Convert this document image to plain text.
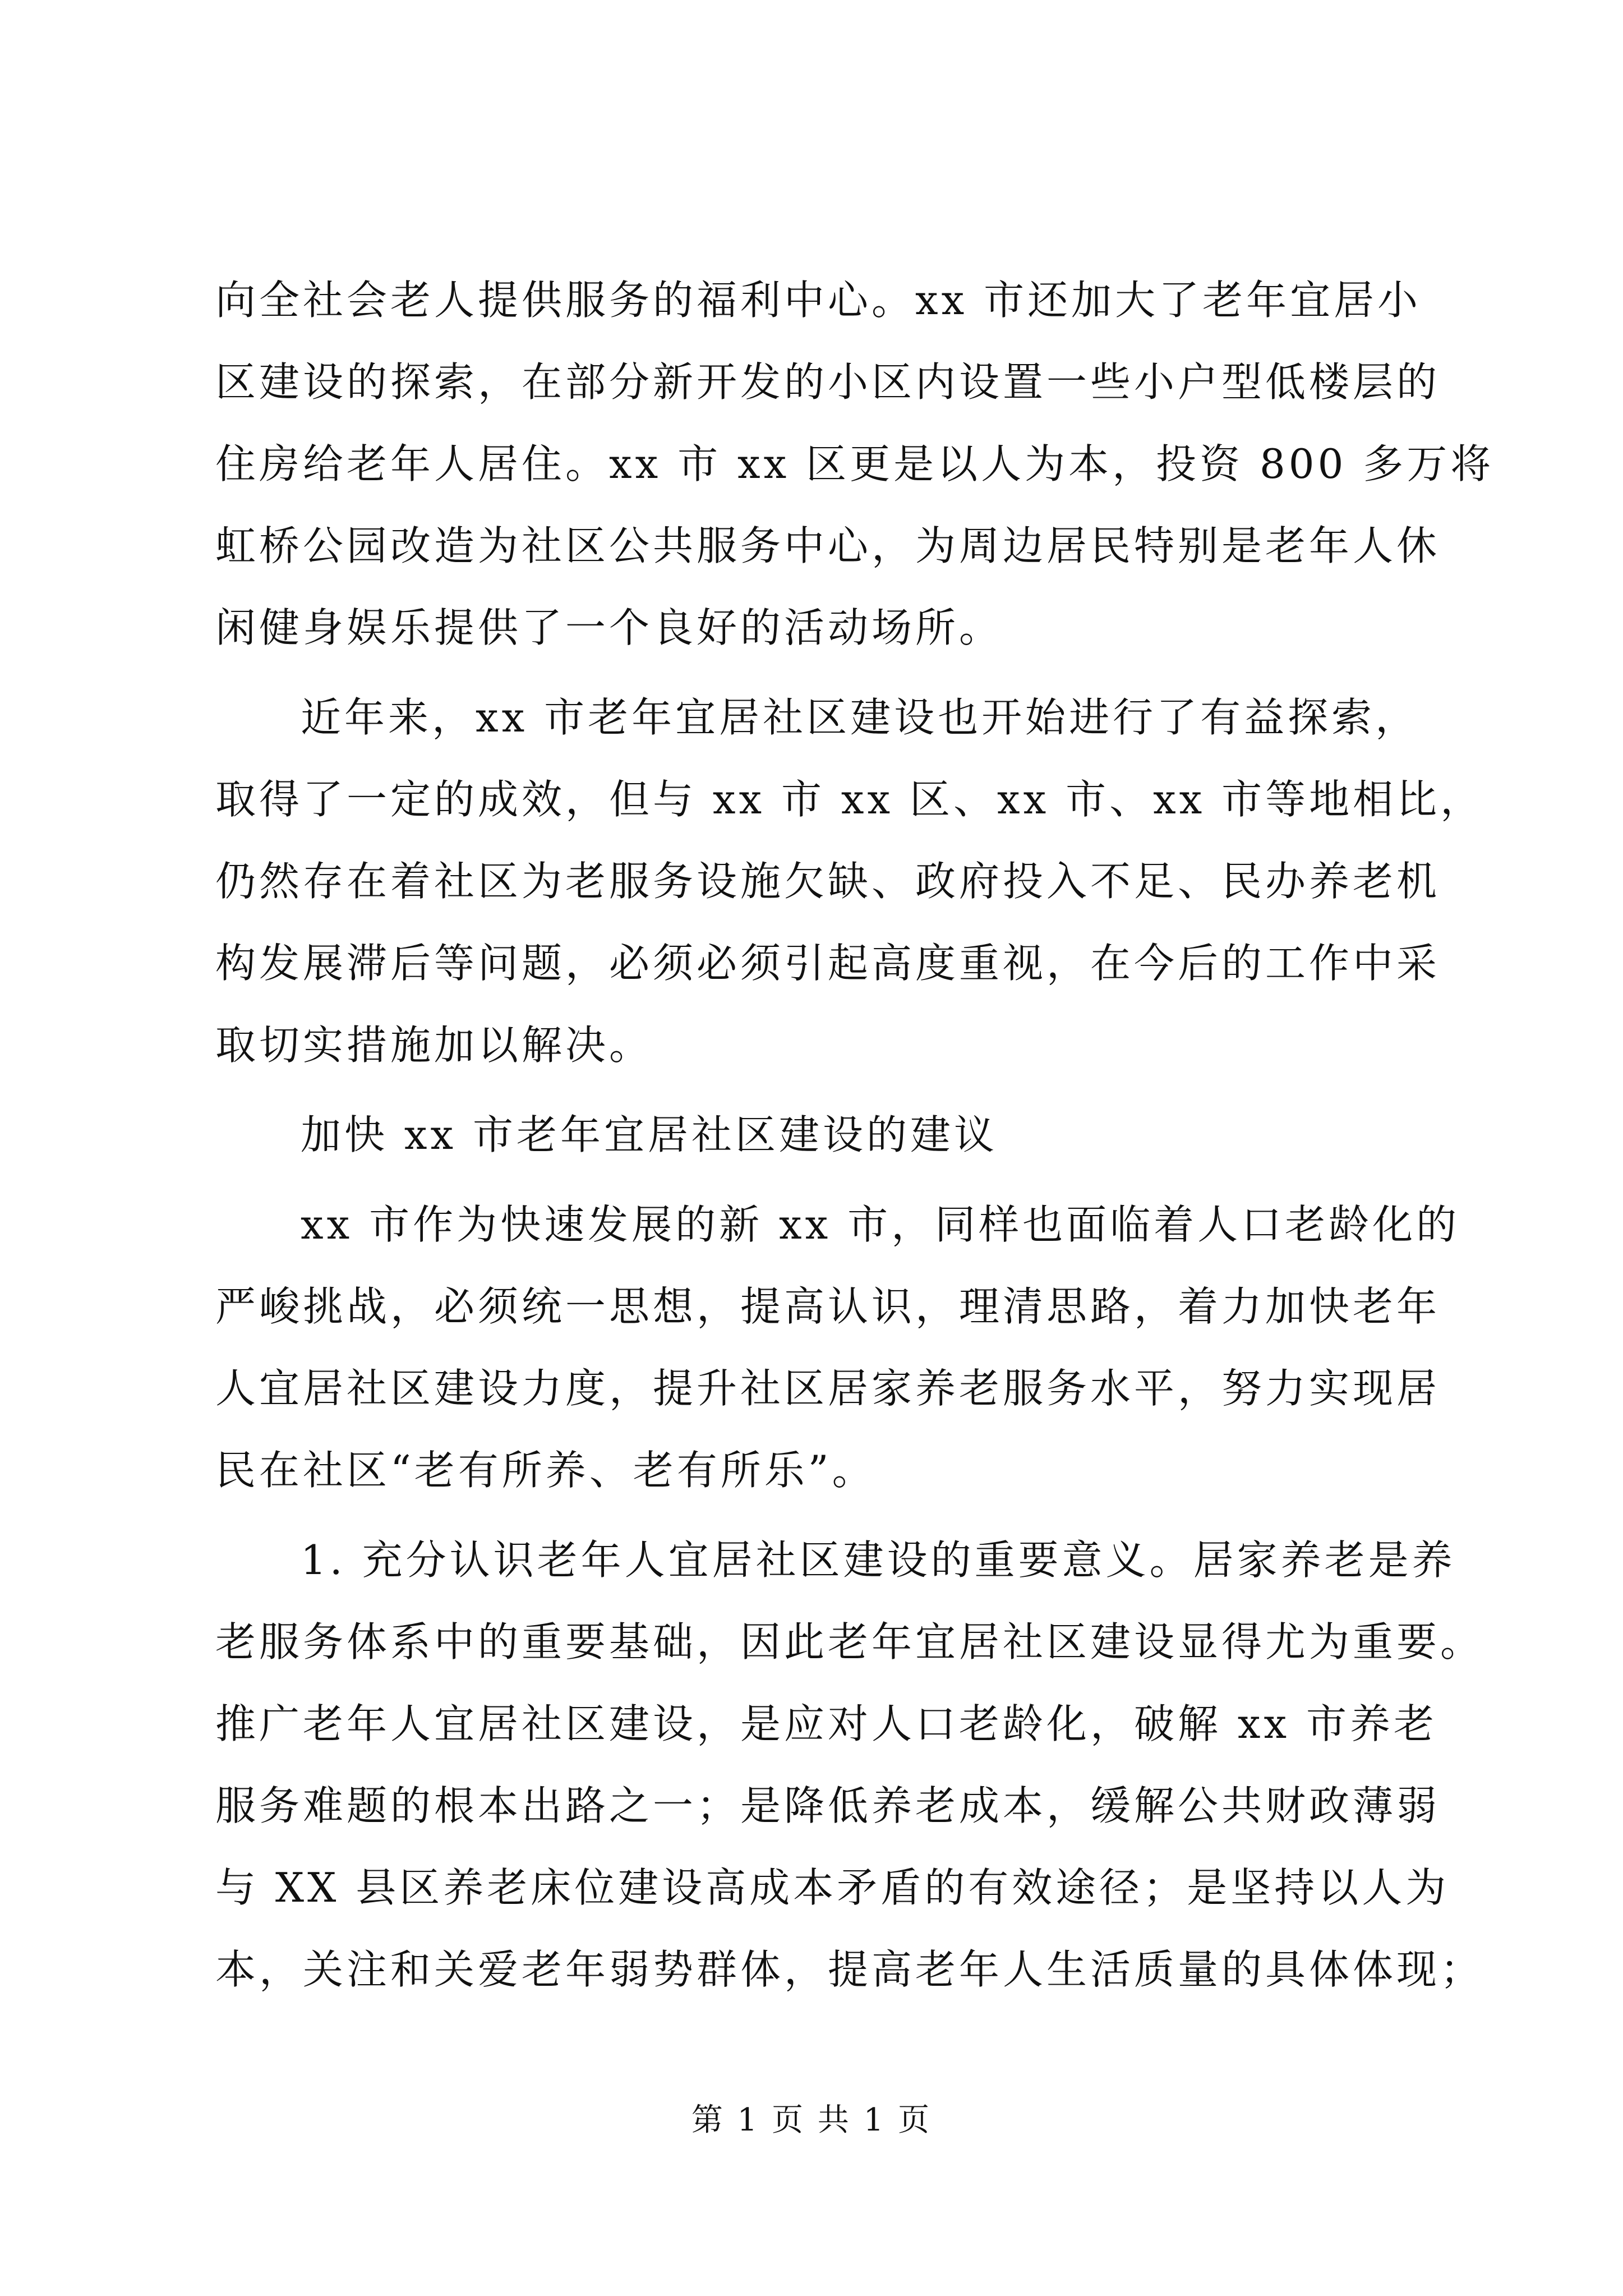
向全社会老人提供服务的福利中心。xx 市还加大了老年宜居小
区建设的探索，在部分新开发的小区内设置一些小户型低楼层的
住房给老年人居住。xx 市 xx 区更是以人为本，投资 800 多万将
虹桥公园改造为社区公共服务中心，为周边居民特别是老年人休
闲健身娱乐提供了一个良好的活动场所。
近年来，xx 市老年宜居社区建设也开始进行了有益探索，
取得了一定的成效，但与 xx 市 xx 区、xx 市、xx 市等地相比，
仍然存在着社区为老服务设施欠缺、政府投入不足、民办养老机
构发展滞后等问题，必须必须引起高度重视，在今后的工作中采
取切实措施加以解决。
加快 xx 市老年宜居社区建设的建议
xx 市作为快速发展的新 xx 市，同样也面临着人口老龄化的
严峻挑战，必须统一思想，提高认识，理清思路，着力加快老年
人宜居社区建设力度，提升社区居家养老服务水平，努力实现居
民在社区“老有所养、老有所乐”。
1. 充分认识老年人宜居社区建设的重要意义。居家养老是养
老服务体系中的重要基础，因此老年宜居社区建设显得尤为重要。
推广老年人宜居社区建设，是应对人口老龄化，破解 xx 市养老
服务难题的根本出路之一；是降低养老成本，缓解公共财政薄弱
与 XX 县区养老床位建设高成本矛盾的有效途径；是坚持以人为
本，关注和关爱老年弱势群体，提高老年人生活质量的具体体现；
第 1 页 共 1 页
